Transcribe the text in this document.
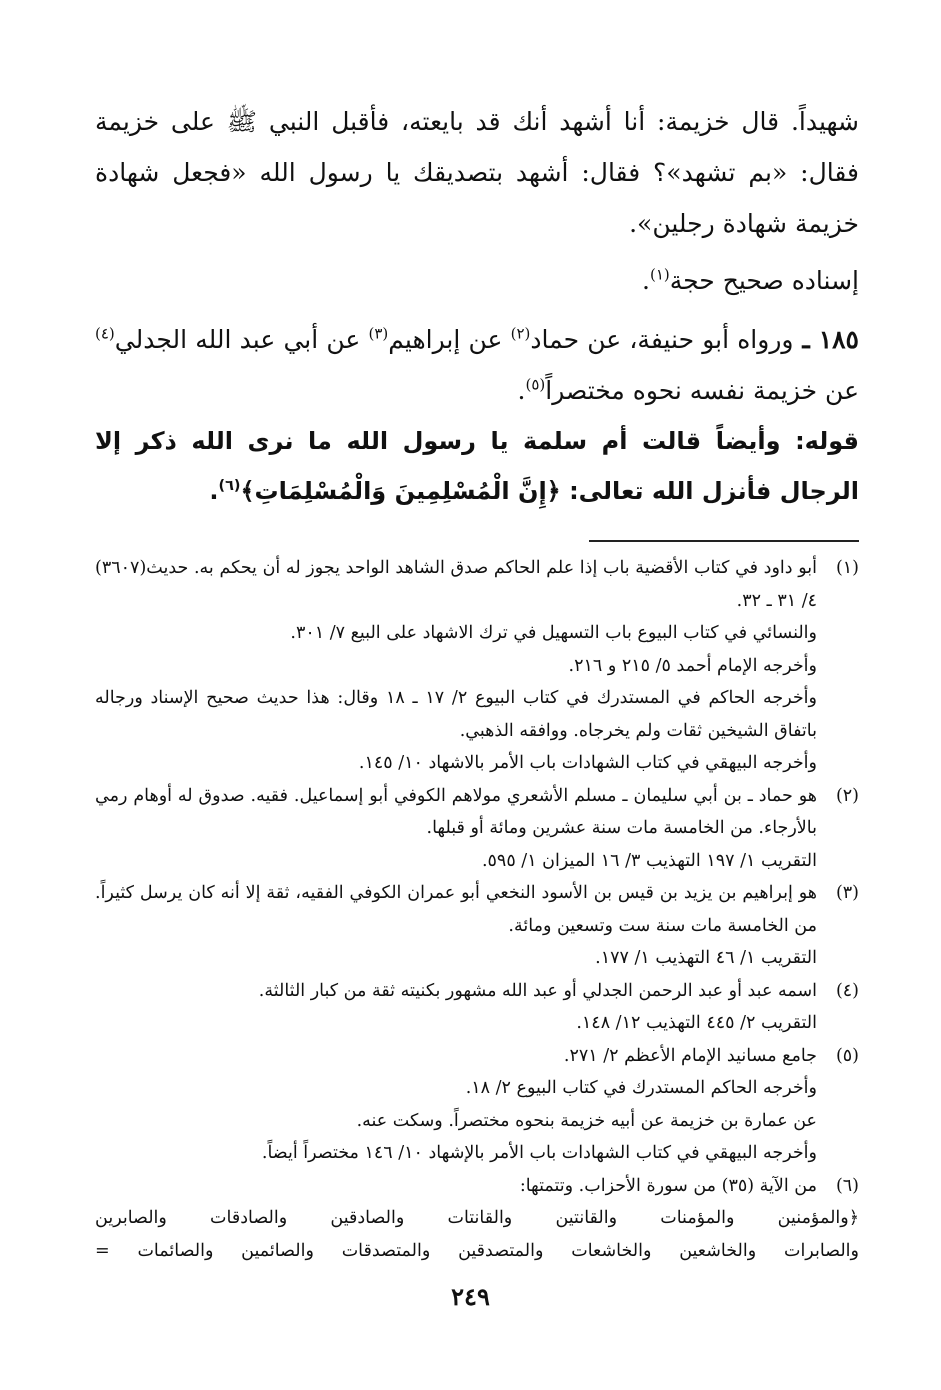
شهيداً. قال خزيمة: أنا أشهد أنك قد بايعته، فأقبل النبي ﷺ على خزيمة فقال: «بم تشهد»؟ فقال: أشهد بتصديقك يا رسول الله «فجعل شهادة خزيمة شهادة رجلين».

إسناده صحيح حجة$^{(١)}$.

١٨٥ ـ ورواه أبو حنيفة، عن حماد$^{(٢)}$ عن إبراهيم$^{(٣)}$ عن أبي عبد الله الجدلي$^{(٤)}$ عن خزيمة نفسه نحوه مختصراً$^{(٥)}$.

قوله: وأيضاً قالت أم سلمة يا رسول الله ما نرى الله ذكر إلا الرجال فأنزل الله تعالى: ﴿إِنَّ الْمُسْلِمِينَ وَالْمُسْلِمَاتِ﴾$^{(٦)}$.

(١)
أبو داود في كتاب الأقضية باب إذا علم الحاكم صدق الشاهد الواحد يجوز له أن يحكم به. حديث(٣٦٠٧) ٤/ ٣١ ـ ٣٢.
والنسائي في كتاب البيوع باب التسهيل في ترك الاشهاد على البيع ٧/ ٣٠١.
وأخرجه الإمام أحمد ٥/ ٢١٥ و ٢١٦.
وأخرجه الحاكم في المستدرك في كتاب البيوع ٢/ ١٧ ـ ١٨ وقال: هذا حديث صحيح الإسناد ورجاله باتفاق الشيخين ثقات ولم يخرجاه. ووافقه الذهبي.
وأخرجه البيهقي في كتاب الشهادات باب الأمر بالاشهاد ١٠/ ١٤٥.
(٢)
هو حماد ـ بن أبي سليمان ـ مسلم الأشعري مولاهم الكوفي أبو إسماعيل. فقيه. صدوق له أوهام رمي بالأرجاء. من الخامسة مات سنة عشرين ومائة أو قبلها.
التقريب ١/ ١٩٧ التهذيب ٣/ ١٦ الميزان ١/ ٥٩٥.
(٣)
هو إبراهيم بن يزيد بن قيس بن الأسود النخعي أبو عمران الكوفي الفقيه، ثقة إلا أنه كان يرسل كثيراً. من الخامسة مات سنة ست وتسعين ومائة.
التقريب ١/ ٤٦ التهذيب ١/ ١٧٧.
(٤)
اسمه عبد أو عبد الرحمن الجدلي أو عبد الله مشهور بكنيته ثقة من كبار الثالثة.
التقريب ٢/ ٤٤٥ التهذيب ١٢/ ١٤٨.
(٥)
جامع مسانيد الإمام الأعظم ٢/ ٢٧١.
وأخرجه الحاكم المستدرك في كتاب البيوع ٢/ ١٨.
عن عمارة بن خزيمة عن أبيه خزيمة بنحوه مختصراً. وسكت عنه.
وأخرجه البيهقي في كتاب الشهادات باب الأمر بالإشهاد ١٠/ ١٤٦ مختصراً أيضاً.
(٦)
من الآية (٣٥) من سورة الأحزاب. وتتمتها:
﴿والمؤمنين والمؤمنات والقانتين والقانتات والصادقين والصادقات والصابرين
والصابرات والخاشعين والخاشعات والمتصدقين والمتصدقات والصائمين والصائمات =
٢٤٩
